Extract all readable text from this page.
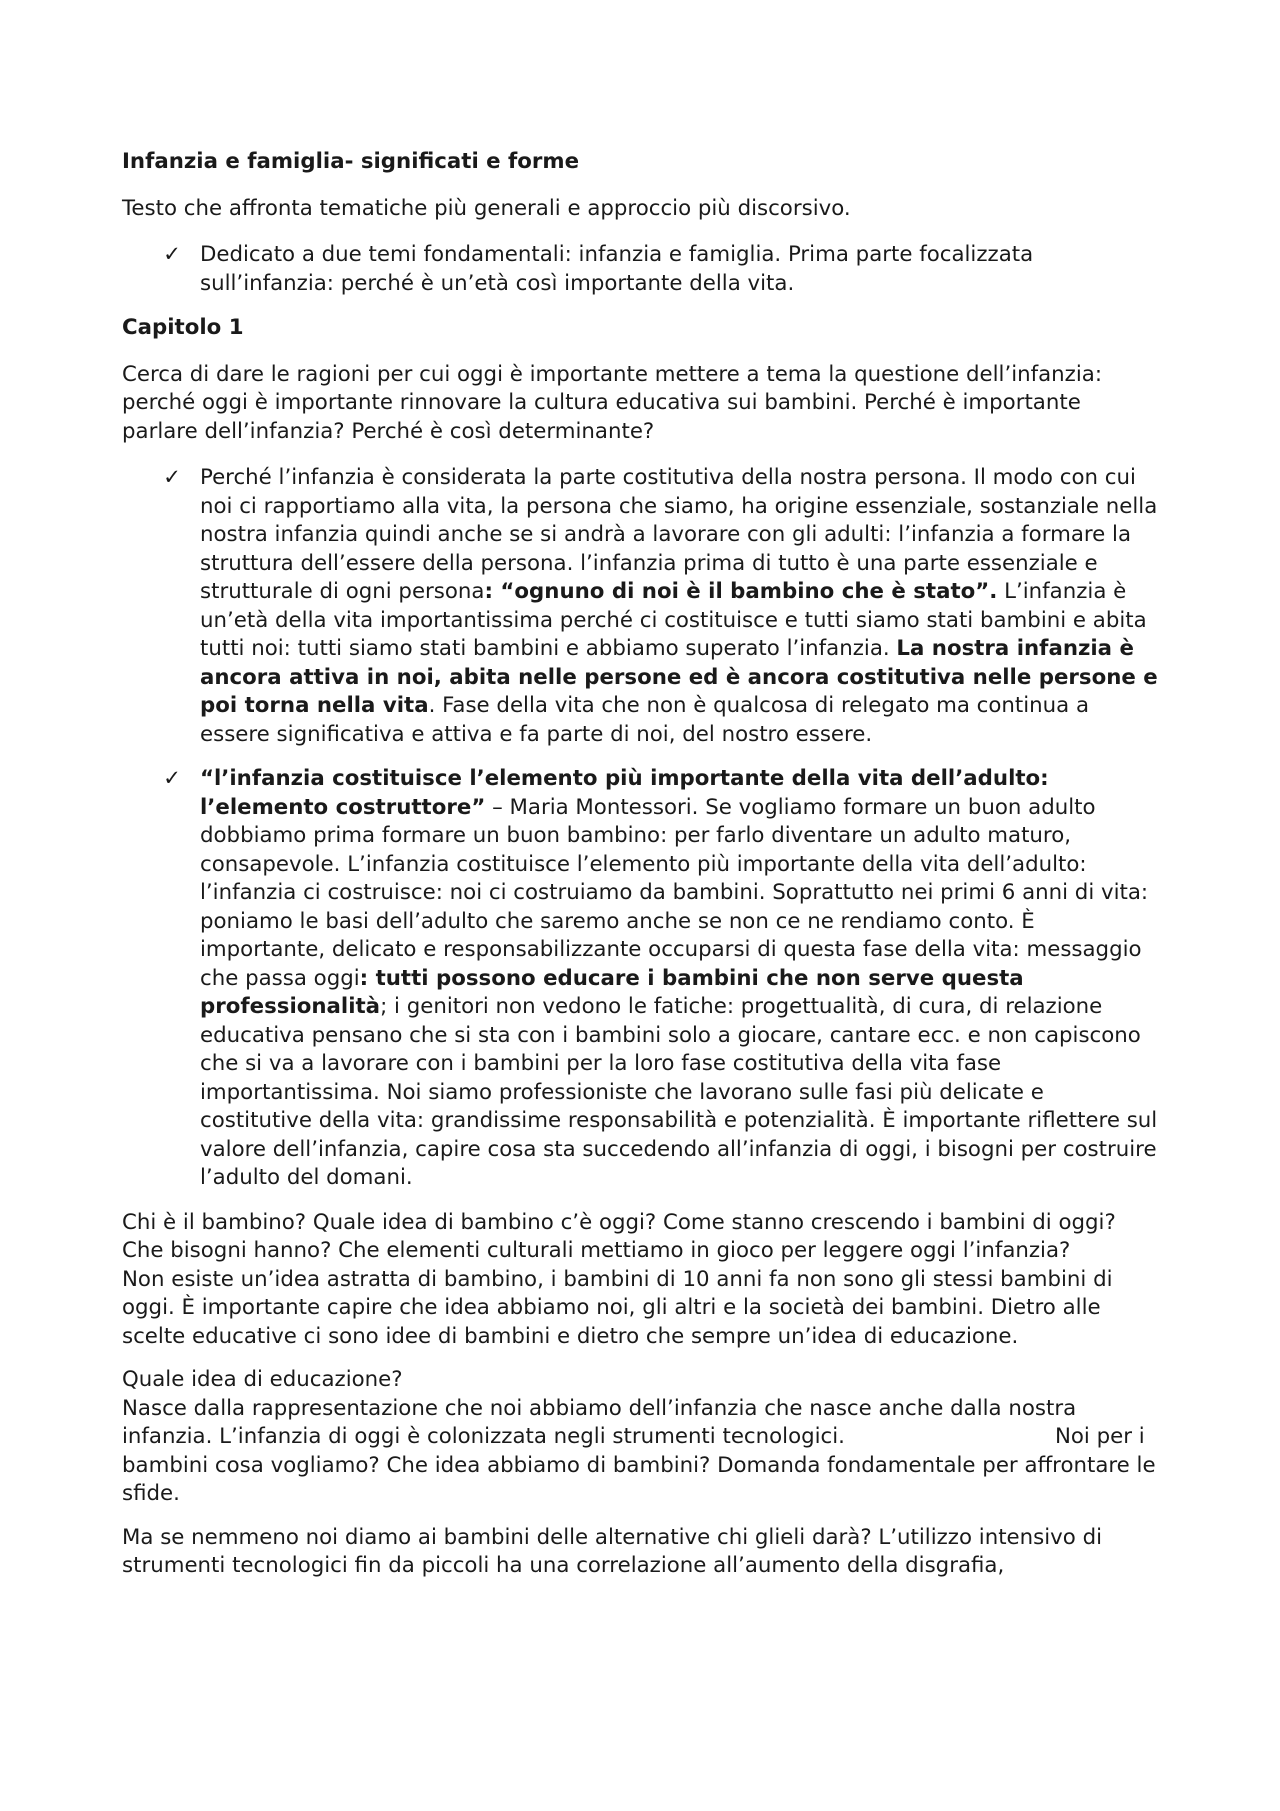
Infanzia e famiglia- significati e forme

Testo che affronta tematiche più generali e approccio più discorsivo.

✓ Dedicato a due temi fondamentali: infanzia e famiglia. Prima parte focalizzata sull’infanzia: perché è un’età così importante della vita.
Capitolo 1

Cerca di dare le ragioni per cui oggi è importante mettere a tema la questione dell’infanzia: perché oggi è importante rinnovare la cultura educativa sui bambini. Perché è importante parlare dell’infanzia? Perché è così determinante?

✓ Perché l’infanzia è considerata la parte costitutiva della nostra persona. Il modo con cui noi ci rapportiamo alla vita, la persona che siamo, ha origine essenziale, sostanziale nella nostra infanzia quindi anche se si andrà a lavorare con gli adulti: l’infanzia a formare la struttura dell’essere della persona. l’infanzia prima di tutto è una parte essenziale e strutturale di ogni persona: “ognuno di noi è il bambino che è stato”. L’infanzia è un’età della vita importantissima perché ci costituisce e tutti siamo stati bambini e abita tutti noi: tutti siamo stati bambini e abbiamo superato l’infanzia. La nostra infanzia è ancora attiva in noi, abita nelle persone ed è ancora costitutiva nelle persone e poi torna nella vita. Fase della vita che non è qualcosa di relegato ma continua a essere significativa e attiva e fa parte di noi, del nostro essere.
✓ “l’infanzia costituisce l’elemento più importante della vita dell’adulto: l’elemento costruttore” – Maria Montessori. Se vogliamo formare un buon adulto dobbiamo prima formare un buon bambino: per farlo diventare un adulto maturo, consapevole. L’infanzia costituisce l’elemento più importante della vita dell’adulto: l’infanzia ci costruisce: noi ci costruiamo da bambini. Soprattutto nei primi 6 anni di vita: poniamo le basi dell’adulto che saremo anche se non ce ne rendiamo conto. È importante, delicato e responsabilizzante occuparsi di questa fase della vita: messaggio che passa oggi: tutti possono educare i bambini che non serve questa professionalità; i genitori non vedono le fatiche: progettualità, di cura, di relazione educativa pensano che si sta con i bambini solo a giocare, cantare ecc. e non capiscono che si va a lavorare con i bambini per la loro fase costitutiva della vita fase importantissima. Noi siamo professioniste che lavorano sulle fasi più delicate e costitutive della vita: grandissime responsabilità e potenzialità. È importante riflettere sul valore dell’infanzia, capire cosa sta succedendo all’infanzia di oggi, i bisogni per costruire l’adulto del domani.

Chi è il bambino? Quale idea di bambino c’è oggi? Come stanno crescendo i bambini di oggi? Che bisogni hanno? Che elementi culturali mettiamo in gioco per leggere oggi l’infanzia?

Non esiste un’idea astratta di bambino, i bambini di 10 anni fa non sono gli stessi bambini di oggi. È importante capire che idea abbiamo noi, gli altri e la società dei bambini. Dietro alle scelte educative ci sono idee di bambini e dietro che sempre un’idea di educazione.

Quale idea di educazione?

Nasce dalla rappresentazione che noi abbiamo dell’infanzia che nasce anche dalla nostra infanzia. L’infanzia di oggi è colonizzata negli strumenti tecnologici.	Noi per i bambini cosa vogliamo? Che idea abbiamo di bambini? Domanda fondamentale per affrontare le sfide.

Ma se nemmeno noi diamo ai bambini delle alternative chi glieli darà? L’utilizzo intensivo di strumenti tecnologici fin da piccoli ha una correlazione all’aumento della disgrafia,
